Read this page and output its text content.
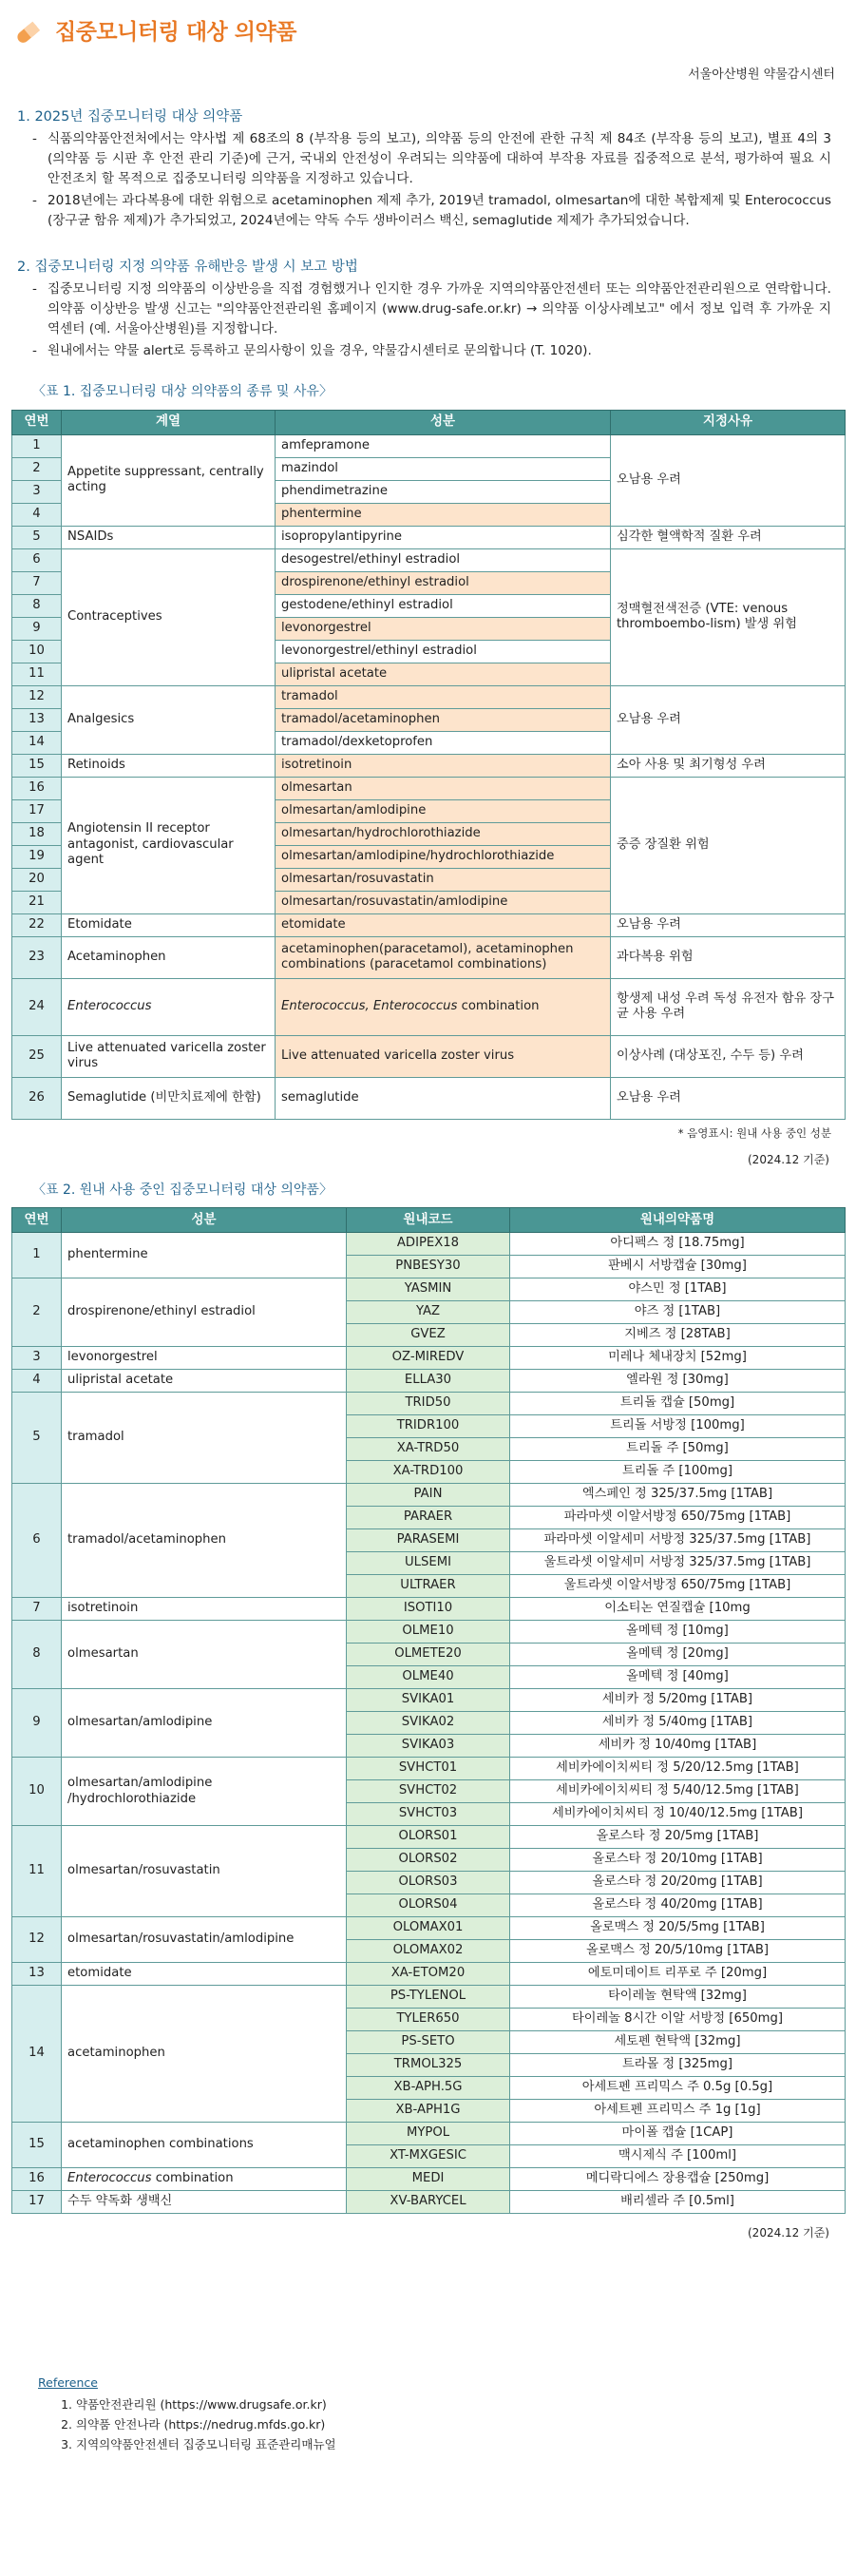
집중모니터링 대상 의약품
서울아산병원 약물감시센터
1. 2025년 집중모니터링 대상 의약품
- 식품의약품안전처에서는 약사법 제 68조의 8 (부작용 등의 보고), 의약품 등의 안전에 관한 규칙 제 84조 (부작용 등의 보고), 별표 4의 3 (의약품 등 시판 후 안전 관리 기준)에 근거, 국내외 안전성이 우려되는 의약품에 대하여 부작용 자료를 집중적으로 분석, 평가하여 필요 시 안전조치 할 목적으로 집중모니터링 의약품을 지정하고 있습니다.
- 2018년에는 과다복용에 대한 위험으로 acetaminophen 제제 추가, 2019년 tramadol, olmesartan에 대한 복합제제 및 Enterococcus (장구균 함유 제제)가 추가되었고, 2024년에는 약독 수두 생바이러스 백신, semaglutide 제제가 추가되었습니다.
2. 집중모니터링 지정 의약품 유해반응 발생 시 보고 방법
- 집중모니터링 지정 의약품의 이상반응을 직접 경험했거나 인지한 경우 가까운 지역의약품안전센터 또는 의약품안전관리원으로 연락합니다. 의약품 이상반응 발생 신고는 "의약품안전관리원 홈페이지 (www.drug-safe.or.kr) → 의약품 이상사례보고" 에서 정보 입력 후 가까운 지역센터 (예. 서울아산병원)를 지정합니다.
- 원내에서는 약물 alert로 등록하고 문의사항이 있을 경우, 약물감시센터로 문의합니다 (T. 1020).
〈표 1. 집중모니터링 대상 의약품의 종류 및 사유〉
연번	계열	성분	지정사유
1	Appetite suppressant, centrally acting	amfepramone	오남용 우려
2		mazindol	
3		phendimetrazine	
4		phentermine	
5	NSAIDs	isopropylantipyrine	심각한 혈액학적 질환 우려
6	Contraceptives	desogestrel/ethinyl estradiol	정맥혈전색전증 (VTE: venous thromboembo-lism) 발생 위험
7		drospirenone/ethinyl estradiol	
8		gestodene/ethinyl estradiol	
9		levonorgestrel	
10		levonorgestrel/ethinyl estradiol	
11		ulipristal acetate	
12	Analgesics	tramadol	오남용 우려
13		tramadol/acetaminophen	
14		tramadol/dexketoprofen	
15	Retinoids	isotretinoin	소아 사용 및 최기형성 우려
16	Angiotensin II receptor antagonist, cardiovascular agent	olmesartan	중증 장질환 위험
17		olmesartan/amlodipine	
18		olmesartan/hydrochlorothiazide	
19		olmesartan/amlodipine/hydrochlorothiazide	
20		olmesartan/rosuvastatin	
21		olmesartan/rosuvastatin/amlodipine	
22	Etomidate	etomidate	오남용 우려
23	Acetaminophen	acetaminophen(paracetamol), acetaminophen combinations (paracetamol combinations)	과다복용 위험
24	Enterococcus	Enterococcus, Enterococcus combination	항생제 내성 우려 독성 유전자 함유 장구균 사용 우려
25	Live attenuated varicella zoster virus	Live attenuated varicella zoster virus	이상사례 (대상포진, 수두 등) 우려
26	Semaglutide (비만치료제에 한함)	semaglutide	오남용 우려
* 음영표시: 원내 사용 중인 성분
(2024.12 기준)
〈표 2. 원내 사용 중인 집중모니터링 대상 의약품〉
연번	성분	원내코드	원내의약품명
1	phentermine	ADIPEX18	아디펙스 정 [18.75mg]
		PNBESY30	판베시 서방캡슐 [30mg]
2	drospirenone/ethinyl estradiol	YASMIN	야스민 정 [1TAB]
		YAZ	야즈 정 [1TAB]
		GVEZ	지베즈 정 [28TAB]
3	levonorgestrel	OZ-MIREDV	미레나 체내장치 [52mg]
4	ulipristal acetate	ELLA30	엘라원 정 [30mg]
5	tramadol	TRID50	트리돌 캡슐 [50mg]
		TRIDR100	트리돌 서방정 [100mg]
		XA-TRD50	트리돌 주 [50mg]
		XA-TRD100	트리돌 주 [100mg]
6	tramadol/acetaminophen	PAIN	엑스페인 정 325/37.5mg [1TAB]
		PARAER	파라마셋 이알서방정 650/75mg [1TAB]
		PARASEMI	파라마셋 이알세미 서방정 325/37.5mg [1TAB]
		ULSEMI	울트라셋 이알세미 서방정 325/37.5mg [1TAB]
		ULTRAER	울트라셋 이알서방정 650/75mg [1TAB]
7	isotretinoin	ISOTI10	이소티논 연질캡슐 [10mg
8	olmesartan	OLME10	올메텍 정 [10mg]
		OLMETE20	올메텍 정 [20mg]
		OLME40	올메텍 정 [40mg]
9	olmesartan/amlodipine	SVIKA01	세비카 정 5/20mg [1TAB]
		SVIKA02	세비카 정 5/40mg [1TAB]
		SVIKA03	세비카 정 10/40mg [1TAB]
10	olmesartan/amlodipine /hydrochlorothiazide	SVHCT01	세비카에이치씨티 정 5/20/12.5mg [1TAB]
		SVHCT02	세비카에이치씨티 정 5/40/12.5mg [1TAB]
		SVHCT03	세비카에이치씨티 정 10/40/12.5mg [1TAB]
11	olmesartan/rosuvastatin	OLORS01	올로스타 정 20/5mg [1TAB]
		OLORS02	올로스타 정 20/10mg [1TAB]
		OLORS03	올로스타 정 20/20mg [1TAB]
		OLORS04	올로스타 정 40/20mg [1TAB]
12	olmesartan/rosuvastatin/amlodipine	OLOMAX01	올로맥스 정 20/5/5mg [1TAB]
		OLOMAX02	올로맥스 정 20/5/10mg [1TAB]
13	etomidate	XA-ETOM20	에토미데이트 리푸로 주 [20mg]
14	acetaminophen	PS-TYLENOL	타이레놀 현탁액 [32mg]
		TYLER650	타이레놀 8시간 이알 서방정 [650mg]
		PS-SETO	세토펜 현탁액 [32mg]
		TRMOL325	트라몰 정 [325mg]
		XB-APH.5G	아세트펜 프리믹스 주 0.5g [0.5g]
		XB-APH1G	아세트펜 프리믹스 주 1g [1g]
15	acetaminophen combinations	MYPOL	마이폴 캡슐 [1CAP]
		XT-MXGESIC	맥시제식 주 [100ml]
16	Enterococcus combination	MEDI	메디락디에스 장용캡슐 [250mg]
17	수두 약독화 생백신	XV-BARYCEL	배리셀라 주 [0.5ml]
(2024.12 기준)
Reference
1. 약품안전관리원 (https://www.drugsafe.or.kr)
2. 의약품 안전나라 (https://nedrug.mfds.go.kr)
3. 지역의약품안전센터 집중모니터링 표준관리매뉴얼
